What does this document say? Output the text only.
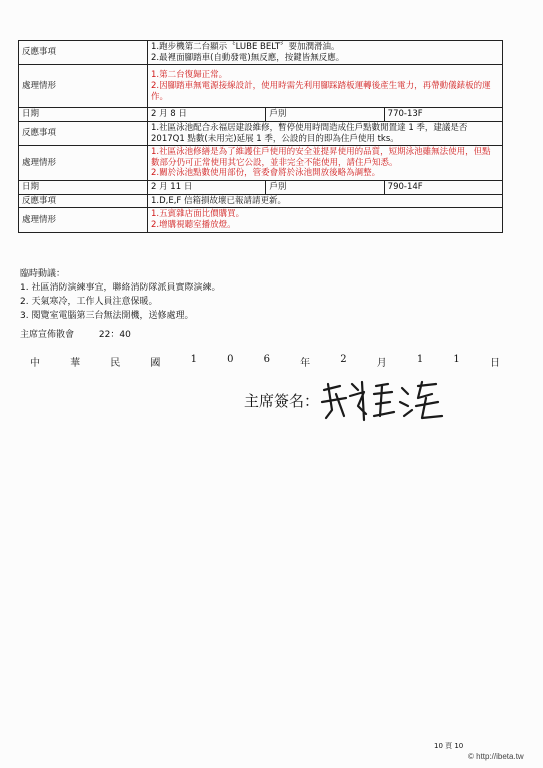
反應事項	1.跑步機第二台顯示〝LUBE BELT〞要加潤滑油。
2.最裡面腳踏車(自動發電)無反應，按鍵皆無反應。		

處理情形	1.第二台復歸正常。
2.因腳踏車無電源接線設計，使用時需先利用腳踩踏板運轉後產生電力，再帶動儀錶板的運作。		

日期	2 月 8 日	戶別	770-13F
反應事項	1.社區泳池配合永福居建設維修，暫停使用時間造成住戶點數閒置達 1 季，建議是否 2017Q1 點數(未用完)延展 1 季，公設的目的即為住戶使用 tks。		
處理情形	1.社區泳池修繕是為了維護住戶使用的安全並提昇使用的品質，短期泳池雖無法使用，但點數部分仍可正常使用其它公設，並非完全不能使用，請住戶知悉。
2.關於泳池點數使用部份，管委會將於泳池開放後略為調整。		

日期	2 月 11 日	戶別	790-14F
反應事項	1.D,E,F 信箱損故壞已報請請更新。		
處理情形	1.五賓雜店面比價購買。
2.增購視聽室播放燈。		
臨時動議：
1. 社區消防演練事宜，聯絡消防隊派員實際演練。
2. 天氣寒冷，工作人員注意保暖。
3. 閱覽室電腦第三台無法開機，送修處理。
主席宣佈散會	22：40
中	華	民	國	1	0	6	年	2	月	1	1	日
主席簽名：
10 頁 10
© http://ibeta.tw
